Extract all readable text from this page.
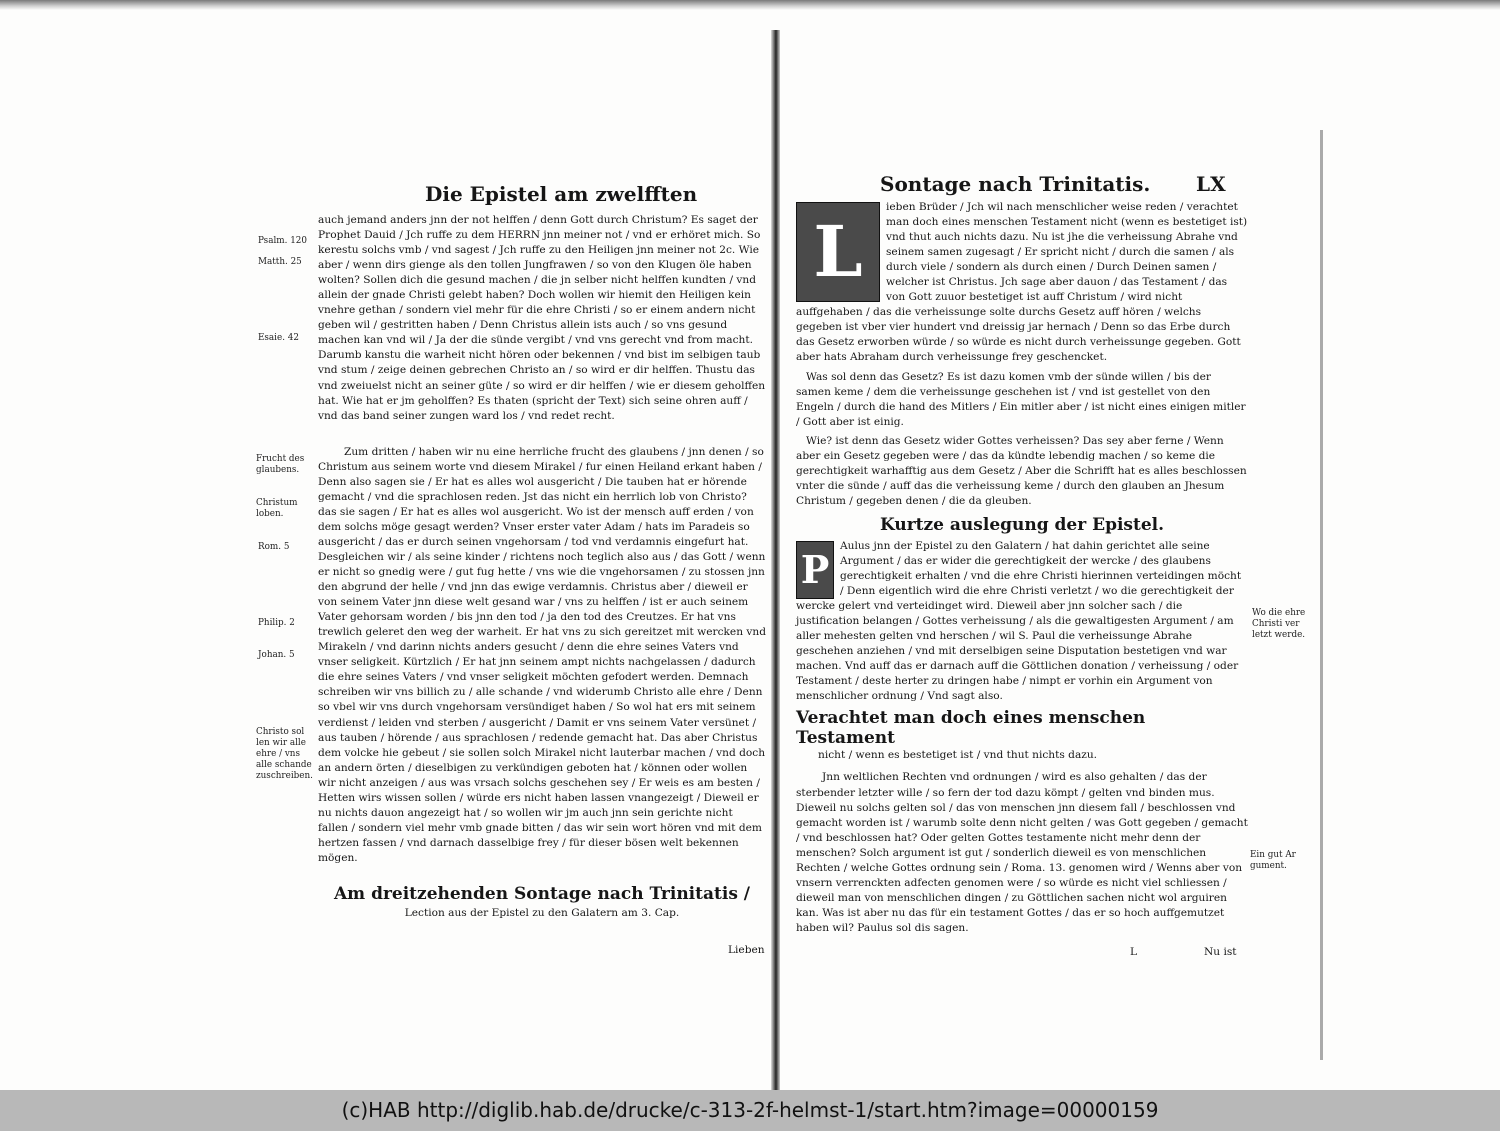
Die Epistel am zwelfften
Psalm. 120
Matth. 25
Esaie. 42
Frucht des glaubens.
Christum loben.
Rom. 5
Philip. 2
Johan. 5
Christo sol len wir alle ehre / vns alle schande zuschreiben.

auch jemand anders jnn der not helffen / denn Gott durch Christum? Es saget der Prophet Dauid / Jch ruffe zu dem HERRN jnn meiner not / vnd er erhöret mich. So kerestu solchs vmb / vnd sagest / Jch ruffe zu den Heiligen jnn meiner not 2c. Wie aber / wenn dirs gienge als den tollen Jungfrawen / so von den Klugen öle haben wolten? Sollen dich die gesund machen / die jn selber nicht helffen kundten / vnd allein der gnade Christi gelebt haben? Doch wollen wir hiemit den Heiligen kein vnehre gethan / sondern viel mehr für die ehre Christi / so er einem andern nicht geben wil / gestritten haben / Denn Christus allein ists auch / so vns gesund machen kan vnd wil / Ja der die sünde vergibt / vnd vns gerecht vnd from macht. Darumb kanstu die warheit nicht hören oder bekennen / vnd bist im selbigen taub vnd stum / zeige deinen gebrechen Christo an / so wird er dir helffen. Thustu das vnd zweiuelst nicht an seiner güte / so wird er dir helffen / wie er diesem geholffen hat. Wie hat er jm geholffen? Es thaten (spricht der Text) sich seine ohren auff / vnd das band seiner zungen ward los / vnd redet recht.

Zum dritten / haben wir nu eine herrliche frucht des glaubens / jnn denen / so Christum aus seinem worte vnd diesem Mirakel / fur einen Heiland erkant haben / Denn also sagen sie / Er hat es alles wol ausgericht / Die tauben hat er hörende gemacht / vnd die sprachlosen reden. Jst das nicht ein herrlich lob von Christo? das sie sagen / Er hat es alles wol ausgericht. Wo ist der mensch auff erden / von dem solchs möge gesagt werden? Vnser erster vater Adam / hats im Paradeis so ausgericht / das er durch seinen vngehorsam / tod vnd verdamnis eingefurt hat. Desgleichen wir / als seine kinder / richtens noch teglich also aus / das Gott / wenn er nicht so gnedig were / gut fug hette / vns wie die vngehorsamen / zu stossen jnn den abgrund der helle / vnd jnn das ewige verdamnis. Christus aber / dieweil er von seinem Vater jnn diese welt gesand war / vns zu helffen / ist er auch seinem Vater gehorsam worden / bis jnn den tod / ja den tod des Creutzes. Er hat vns trewlich geleret den weg der warheit. Er hat vns zu sich gereitzet mit wercken vnd Mirakeln / vnd darinn nichts anders gesucht / denn die ehre seines Vaters vnd vnser seligkeit. Kürtzlich / Er hat jnn seinem ampt nichts nachgelassen / dadurch die ehre seines Vaters / vnd vnser seligkeit möchten gefodert werden. Demnach schreiben wir vns billich zu / alle schande / vnd widerumb Christo alle ehre / Denn so vbel wir vns durch vngehorsam versündiget haben / So wol hat ers mit seinem verdienst / leiden vnd sterben / ausgericht / Damit er vns seinem Vater versünet / aus tauben / hörende / aus sprachlosen / redende gemacht hat. Das aber Christus dem volcke hie gebeut / sie sollen solch Mirakel nicht lauterbar machen / vnd doch an andern örten / dieselbigen zu verkündigen geboten hat / können oder wollen wir nicht anzeigen / aus was vrsach solchs geschehen sey / Er weis es am besten / Hetten wirs wissen sollen / würde ers nicht haben lassen vnangezeigt / Dieweil er nu nichts dauon angezeigt hat / so wollen wir jm auch jnn sein gerichte nicht fallen / sondern viel mehr vmb gnade bitten / das wir sein wort hören vnd mit dem hertzen fassen / vnd darnach dasselbige frey / für dieser bösen welt bekennen mögen.

Am dreitzehenden Sontage nach Trinitatis /
Lection aus der Epistel zu den Galatern am 3. Cap.
Lieben
Sontage nach Trinitatis. LX
Wo die ehre Christi ver letzt werde.
Ein gut Ar gument.
L

ieben Brüder / Jch wil nach menschlicher weise reden / verachtet man doch eines menschen Testament nicht (wenn es bestetiget ist) vnd thut auch nichts dazu. Nu ist jhe die verheissung Abrahe vnd seinem samen zugesagt / Er spricht nicht / durch die samen / als durch viele / sondern als durch einen / Durch Deinen samen / welcher ist Christus. Jch sage aber dauon / das Testament / das von Gott zuuor bestetiget ist auff Christum / wird nicht auffgehaben / das die verheissunge solte durchs Gesetz auff hören / welchs gegeben ist vber vier hundert vnd dreissig jar hernach / Denn so das Erbe durch das Gesetz erworben würde / so würde es nicht durch verheissunge gegeben. Gott aber hats Abraham durch verheissunge frey geschencket.

Was sol denn das Gesetz? Es ist dazu komen vmb der sünde willen / bis der samen keme / dem die verheissunge geschehen ist / vnd ist gestellet von den Engeln / durch die hand des Mitlers / Ein mitler aber / ist nicht eines einigen mitler / Gott aber ist einig.

Wie? ist denn das Gesetz wider Gottes verheissen? Das sey aber ferne / Wenn aber ein Gesetz gegeben were / das da kündte lebendig machen / so keme die gerechtigkeit warhafftig aus dem Gesetz / Aber die Schrifft hat es alles beschlossen vnter die sünde / auff das die verheissung keme / durch den glauben an Jhesum Christum / gegeben denen / die da gleuben.

Kurtze auslegung der Epistel.
P

Aulus jnn der Epistel zu den Galatern / hat dahin gerichtet alle seine Argument / das er wider die gerechtigkeit der wercke / des glaubens gerechtigkeit erhalten / vnd die ehre Christi hierinnen verteidingen möcht / Denn eigentlich wird die ehre Christi verletzt / wo die gerechtigkeit der wercke gelert vnd verteidinget wird. Dieweil aber jnn solcher sach / die justification belangen / Gottes verheissung / als die gewaltigesten Argument / am aller mehesten gelten vnd herschen / wil S. Paul die verheissunge Abrahe geschehen anziehen / vnd mit derselbigen seine Disputation bestetigen vnd war machen. Vnd auff das er darnach auff die Göttlichen donation / verheissung / oder Testament / deste herter zu dringen habe / nimpt er vorhin ein Argument von menschlicher ordnung / Vnd sagt also.

Verachtet man doch eines menschen Testament
nicht / wenn es bestetiget ist / vnd thut nichts dazu.

Jnn weltlichen Rechten vnd ordnungen / wird es also gehalten / das der sterbender letzter wille / so fern der tod dazu kömpt / gelten vnd binden mus. Dieweil nu solchs gelten sol / das von menschen jnn diesem fall / beschlossen vnd gemacht worden ist / warumb solte denn nicht gelten / was Gott gegeben / gemacht / vnd beschlossen hat? Oder gelten Gottes testamente nicht mehr denn der menschen? Solch argument ist gut / sonderlich dieweil es von menschlichen Rechten / welche Gottes ordnung sein / Roma. 13. genomen wird / Wenns aber von vnsern verrenckten adfecten genomen were / so würde es nicht viel schliessen / dieweil man von menschlichen dingen / zu Göttlichen sachen nicht wol arguiren kan. Was ist aber nu das für ein testament Gottes / das er so hoch auffgemutzet haben wil? Paulus sol dis sagen.

L	Nu ist
(c)HAB http://diglib.hab.de/drucke/c-313-2f-helmst-1/start.htm?image=00000159
